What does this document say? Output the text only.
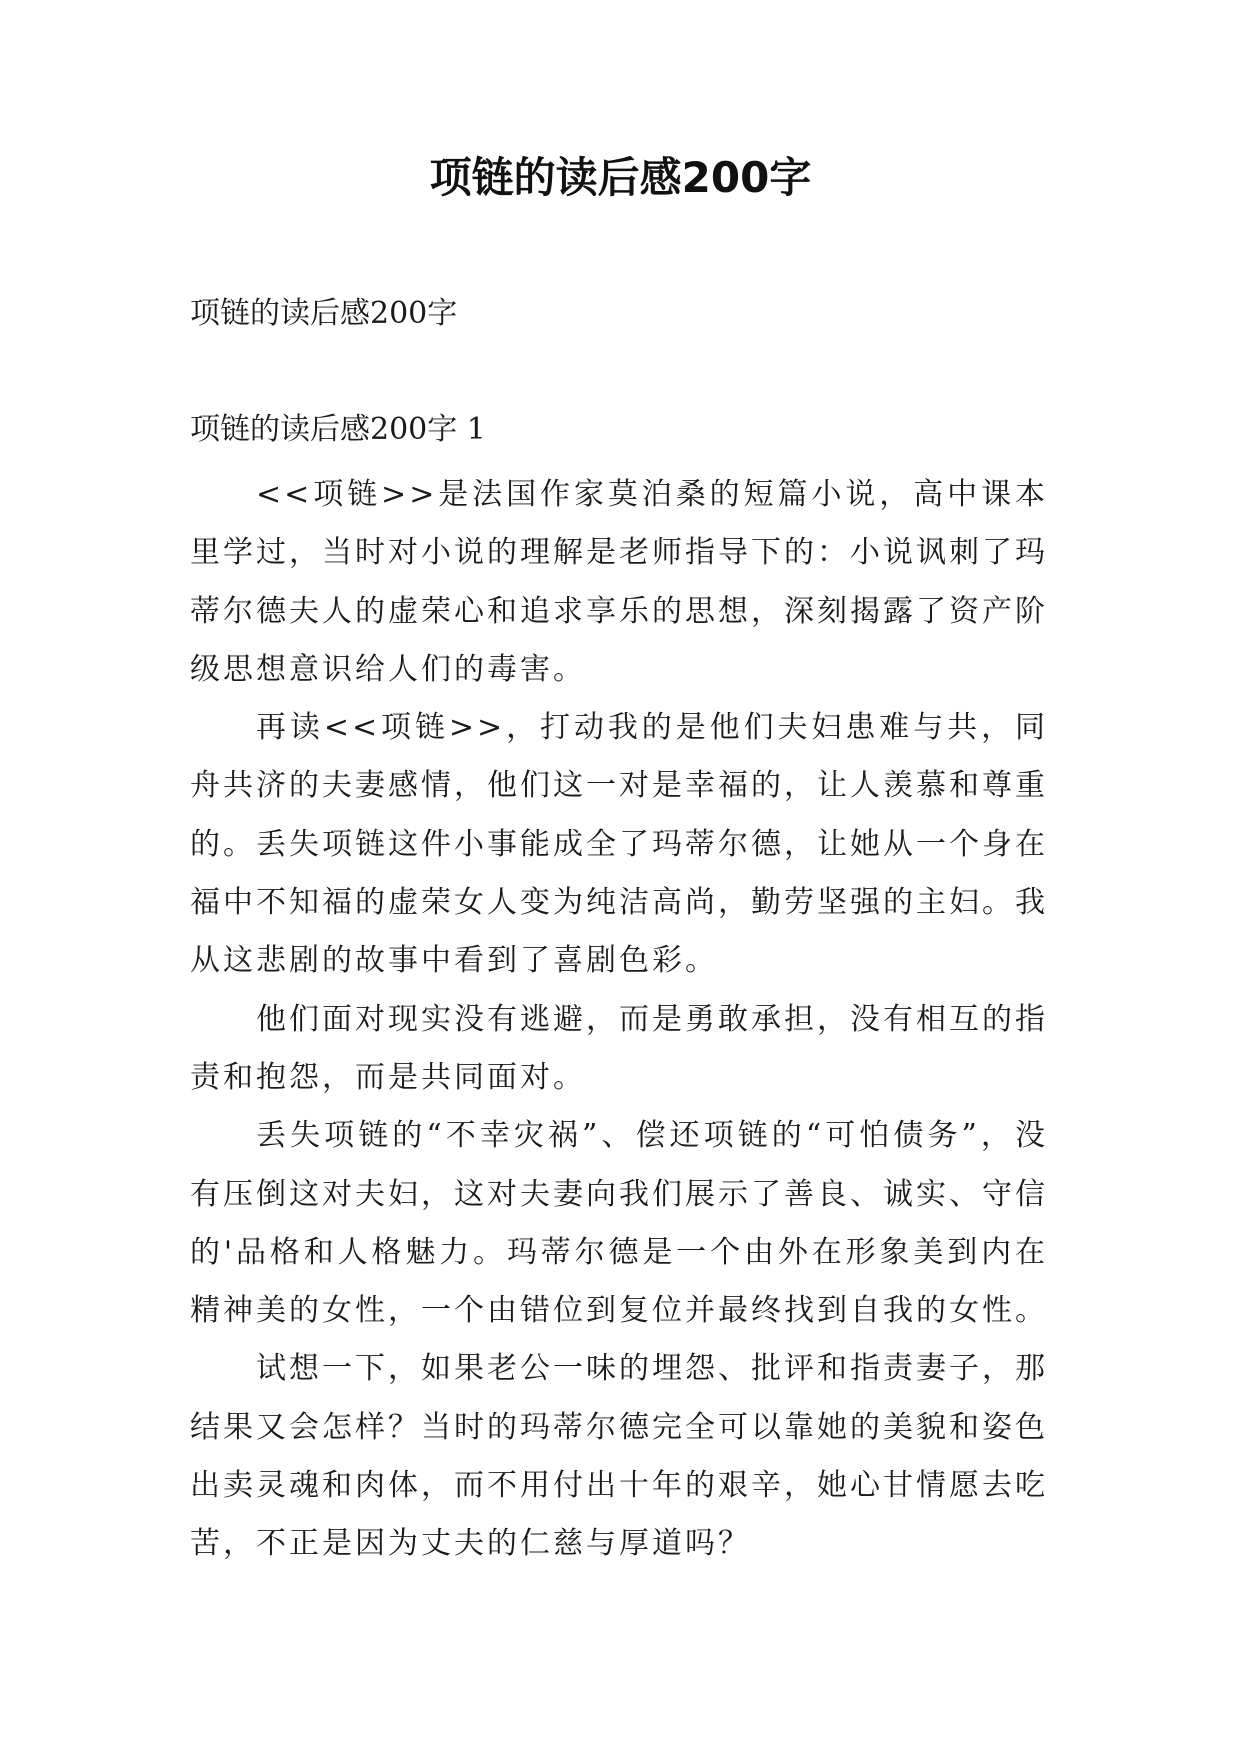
项链的读后感200字
项链的读后感200字
项链的读后感200字 1

<<项链>>是法国作家莫泊桑的短篇小说，高中课本里学过，当时对小说的理解是老师指导下的：小说讽刺了玛蒂尔德夫人的虚荣心和追求享乐的思想，深刻揭露了资产阶级思想意识给人们的毒害。

再读<<项链>>，打动我的是他们夫妇患难与共，同舟共济的夫妻感情，他们这一对是幸福的，让人羡慕和尊重的。丢失项链这件小事能成全了玛蒂尔德，让她从一个身在福中不知福的虚荣女人变为纯洁高尚，勤劳坚强的主妇。我从这悲剧的故事中看到了喜剧色彩。

他们面对现实没有逃避，而是勇敢承担，没有相互的指责和抱怨，而是共同面对。

丢失项链的“不幸灾祸”、偿还项链的“可怕债务”，没有压倒这对夫妇，这对夫妻向我们展示了善良、诚实、守信的'品格和人格魅力。玛蒂尔德是一个由外在形象美到内在精神美的女性，一个由错位到复位并最终找到自我的女性。

试想一下，如果老公一味的埋怨、批评和指责妻子，那结果又会怎样？当时的玛蒂尔德完全可以靠她的美貌和姿色出卖灵魂和肉体，而不用付出十年的艰辛，她心甘情愿去吃苦，不正是因为丈夫的仁慈与厚道吗？
